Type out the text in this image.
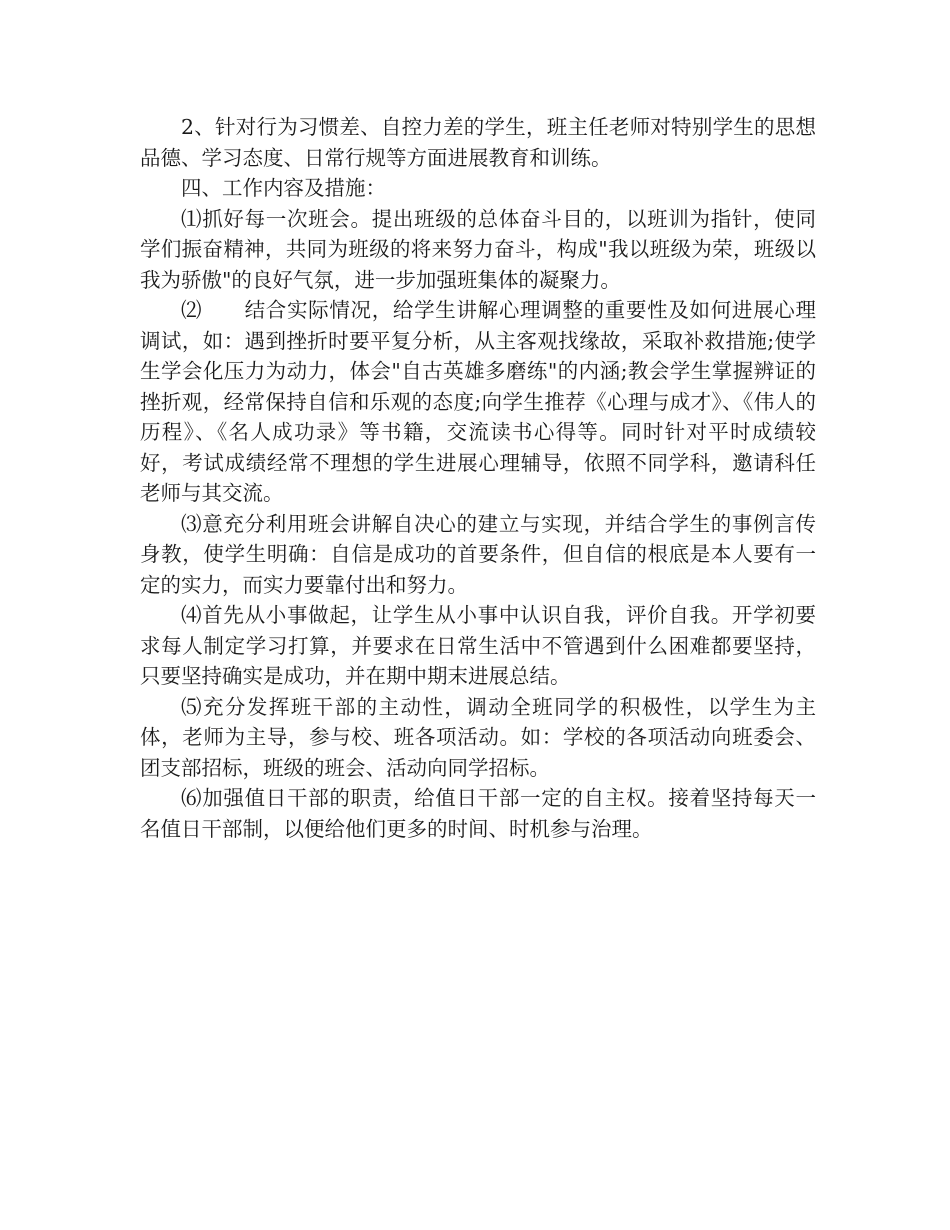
2、针对行为习惯差、自控力差的学生，班主任老师对特别学生的思想品德、学习态度、日常行规等方面进展教育和训练。

四、工作内容及措施：

⑴抓好每一次班会。提出班级的总体奋斗目的，以班训为指针，使同学们振奋精神，共同为班级的将来努力奋斗，构成"我以班级为荣，班级以我为骄傲"的良好气氛，进一步加强班集体的凝聚力。

⑵　　结合实际情况，给学生讲解心理调整的重要性及如何进展心理调试，如：遇到挫折时要平复分析，从主客观找缘故，采取补救措施;使学生学会化压力为动力，体会"自古英雄多磨练"的内涵;教会学生掌握辨证的挫折观，经常保持自信和乐观的态度;向学生推荐《心理与成才》、《伟人的历程》、《名人成功录》等书籍，交流读书心得等。同时针对平时成绩较好，考试成绩经常不理想的学生进展心理辅导，依照不同学科，邀请科任老师与其交流。

⑶意充分利用班会讲解自决心的建立与实现，并结合学生的事例言传身教，使学生明确：自信是成功的首要条件，但自信的根底是本人要有一定的实力，而实力要靠付出和努力。

⑷首先从小事做起，让学生从小事中认识自我，评价自我。开学初要求每人制定学习打算，并要求在日常生活中不管遇到什么困难都要坚持，只要坚持确实是成功，并在期中期末进展总结。

⑸充分发挥班干部的主动性，调动全班同学的积极性，以学生为主体，老师为主导，参与校、班各项活动。如：学校的各项活动向班委会、团支部招标，班级的班会、活动向同学招标。

⑹加强值日干部的职责，给值日干部一定的自主权。接着坚持每天一名值日干部制，以便给他们更多的时间、时机参与治理。
